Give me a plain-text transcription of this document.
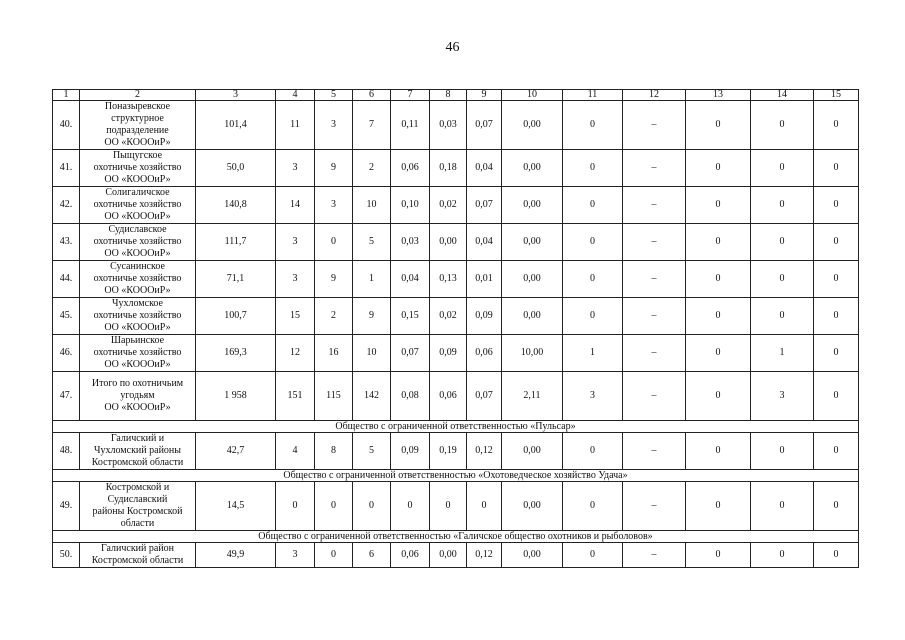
46
1	2	3	4	5	6	7	8	9	10	11	12	13	14	15
40.	Поназыревское
структурное
подразделение
ОО «КОООиР»	101,4	11	3	7	0,11	0,03	0,07	0,00	0	–	0	0	0
41.	Пыщугское
охотничье хозяйство
ОО «КОООиР»	50,0	3	9	2	0,06	0,18	0,04	0,00	0	–	0	0	0
42.	Солигаличское
охотничье хозяйство
ОО «КОООиР»	140,8	14	3	10	0,10	0,02	0,07	0,00	0	–	0	0	0
43.	Судиславское
охотничье хозяйство
ОО «КОООиР»	111,7	3	0	5	0,03	0,00	0,04	0,00	0	–	0	0	0
44.	Сусанинское
охотничье хозяйство
ОО «КОООиР»	71,1	3	9	1	0,04	0,13	0,01	0,00	0	–	0	0	0
45.	Чухломское
охотничье хозяйство
ОО «КОООиР»	100,7	15	2	9	0,15	0,02	0,09	0,00	0	–	0	0	0
46.	Шарьинское
охотничье хозяйство
ОО «КОООиР»	169,3	12	16	10	0,07	0,09	0,06	10,00	1	–	0	1	0
47.	Итого по охотничьим
угодьям
ОО «КОООиР»	1 958	151	115	142	0,08	0,06	0,07	2,11	3	–	0	3	0
Общество с ограниченной ответственностью «Пульсар»														
48.	Галичский и
Чухломский районы
Костромской области	42,7	4	8	5	0,09	0,19	0,12	0,00	0	–	0	0	0
Общество с ограниченной ответственностью «Охотоведческое хозяйство Удача»														
49.	Костромской и
Судиславский
районы Костромской
области	14,5	0	0	0	0	0	0	0,00	0	–	0	0	0
Общество с ограниченной ответственностью «Галичское общество охотников и рыболовов»														
50.	Галичский район
Костромской области	49,9	3	0	6	0,06	0,00	0,12	0,00	0	–	0	0	0
